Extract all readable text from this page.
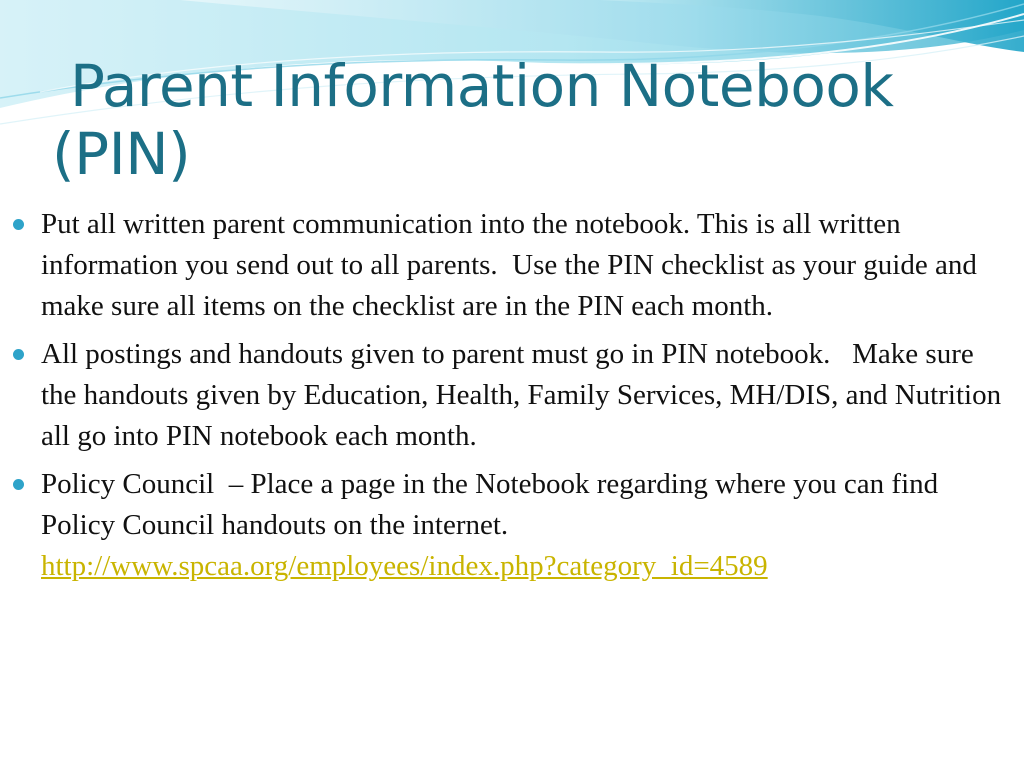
Parent Information Notebook
(PIN)
Put all written parent communication into the notebook. This is all written information you send out to all parents.  Use the PIN checklist as your guide and make sure all items on the checklist are in the PIN each month.
All postings and handouts given to parent must go in PIN notebook.   Make sure the handouts given by Education, Health, Family Services, MH/DIS, and Nutrition all go into PIN notebook each month.
Policy Council  – Place a page in the Notebook regarding where you can find Policy Council handouts on the internet.
http://www.spcaa.org/employees/index.php?category_id=4589
